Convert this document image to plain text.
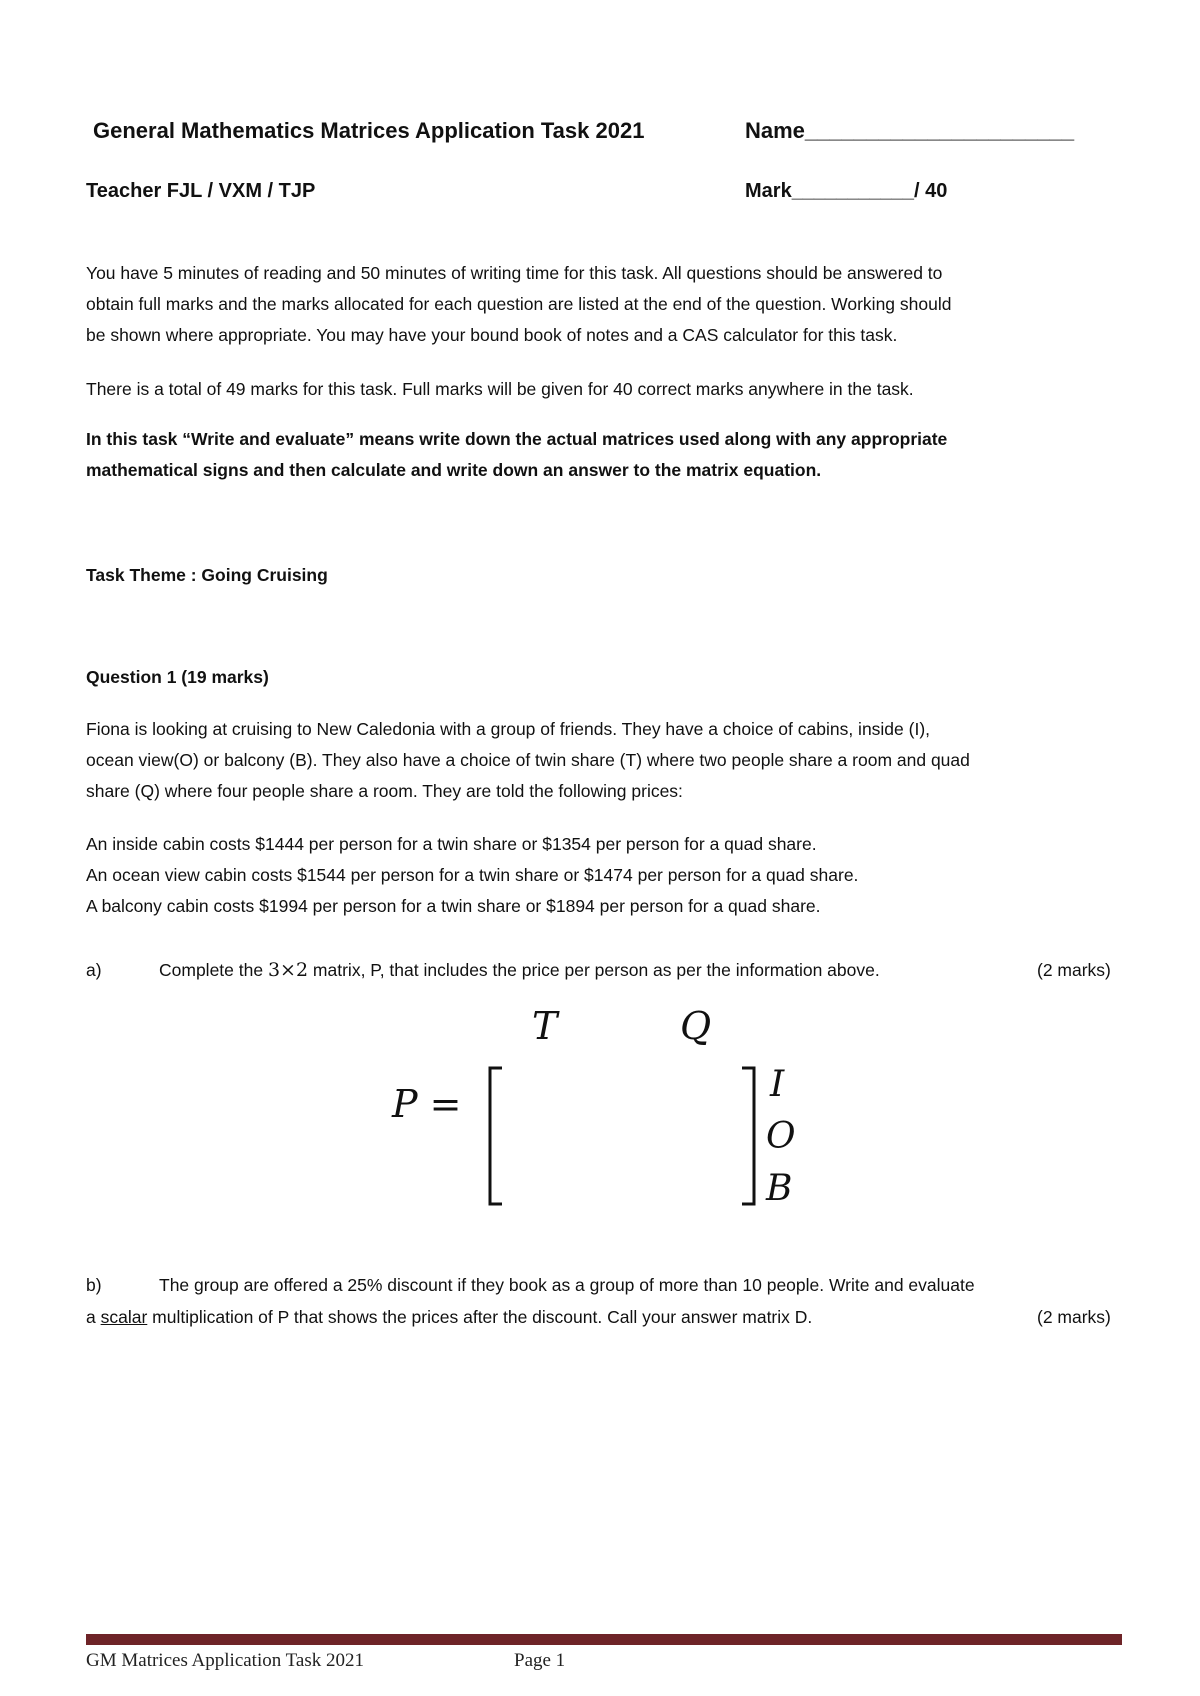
General Mathematics Matrices Application Task 2021	Name______________________
Teacher FJL / VXM / TJP	Mark___________/ 40
You have 5 minutes of reading and 50 minutes of writing time for this task. All questions should be answered to
obtain full marks and the marks allocated for each question are listed at the end of the question. Working should
be shown where appropriate. You may have your bound book of notes and a CAS calculator for this task.
There is a total of 49 marks for this task. Full marks will be given for 40 correct marks anywhere in the task.
In this task “Write and evaluate” means write down the actual matrices used along with any appropriate
mathematical signs and then calculate and write down an answer to the matrix equation.
Task Theme : Going Cruising
Question 1 (19 marks)
Fiona is looking at cruising to New Caledonia with a group of friends. They have a choice of cabins, inside (I),
ocean view(O) or balcony (B). They also have a choice of twin share (T) where two people share a room and quad
share (Q) where four people share a room. They are told the following prices:
An inside cabin costs $1444 per person for a twin share or $1354 per person for a quad share.
An ocean view cabin costs $1544 per person for a twin share or $1474 per person for a quad share.
A balcony cabin costs $1994 per person for a twin share or $1894 per person for a quad share.
a)	Complete the 3×2 matrix, P, that includes the price per person as per the information above.	(2 marks)
P =
T	Q
I
O
B
b)	The group are offered a 25% discount if they book as a group of more than 10 people. Write and evaluate
a scalar multiplication of P that shows the prices after the discount. Call your answer matrix D.	(2 marks)
GM Matrices Application Task 2021	Page 1
